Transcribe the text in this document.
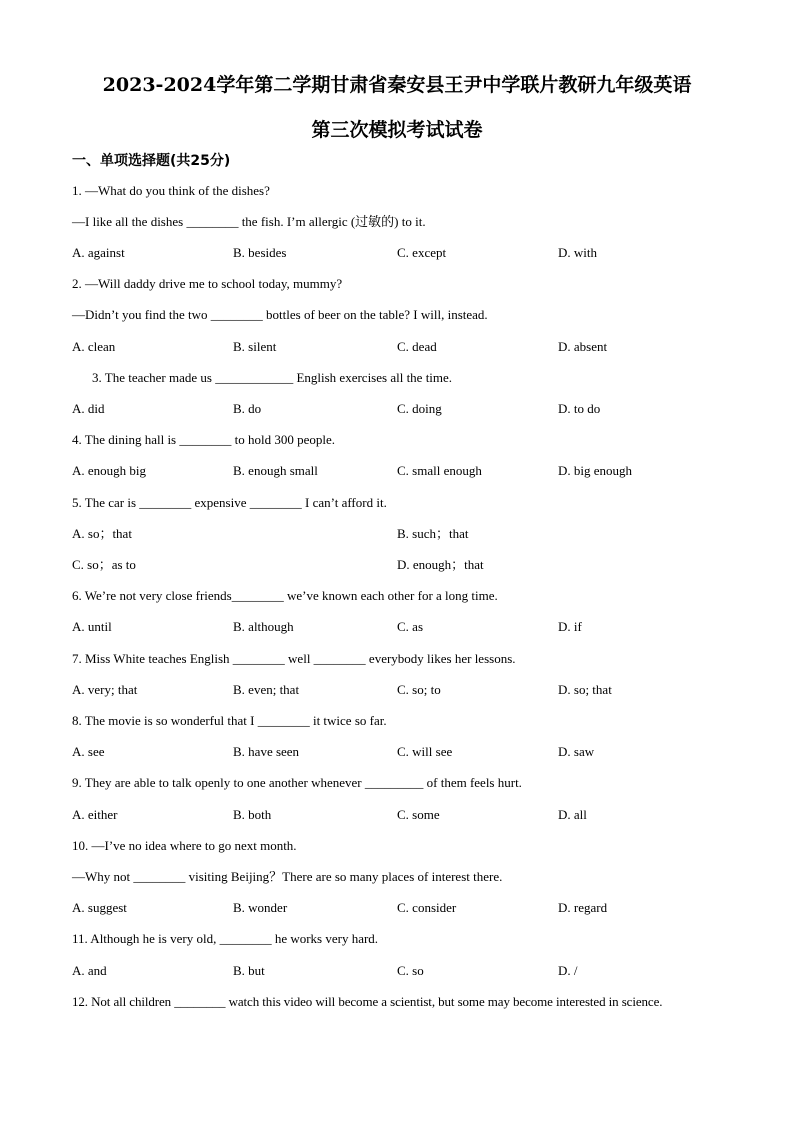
2023-2024学年第二学期甘肃省秦安县王尹中学联片教研九年级英语
第三次模拟考试试卷
一、单项选择题(共25分)
1. —What do you think of the dishes?
—I like all the dishes ________ the fish. I’m allergic (过敏的) to it.
A. against	B. besides	C. except	D. with
2. —Will daddy drive me to school today, mummy?
—Didn’t you find the two ________ bottles of beer on the table? I will, instead.
A. clean	B. silent	C. dead	D. absent
3. The teacher made us ____________ English exercises all the time.
A. did	B. do	C. doing	D. to do
4. The dining hall is ________ to hold 300 people.
A. enough big	B. enough small	C. small enough	D. big enough
5. The car is ________ expensive ________ I can’t afford it.
A. so；that	B. such；that
C. so；as to	D. enough；that
6. We’re not very close friends________ we’ve known each other for a long time.
A. until	B. although	C. as	D. if
7. Miss White teaches English ________ well ________ everybody likes her lessons.
A. very; that	B. even; that	C. so; to	D. so; that
8. The movie is so wonderful that I ________ it twice so far.
A. see	B. have seen	C. will see	D. saw
9. They are able to talk openly to one another whenever _________ of them feels hurt.
A. either	B. both	C. some	D. all
10. —I’ve no idea where to go next month.
—Why not ________ visiting Beijing？There are so many places of interest there.
A. suggest	B. wonder	C. consider	D. regard
11. Although he is very old, ________ he works very hard.
A. and	B. but	C. so	D. /
12. Not all children ________ watch this video will become a scientist, but some may become interested in science.
